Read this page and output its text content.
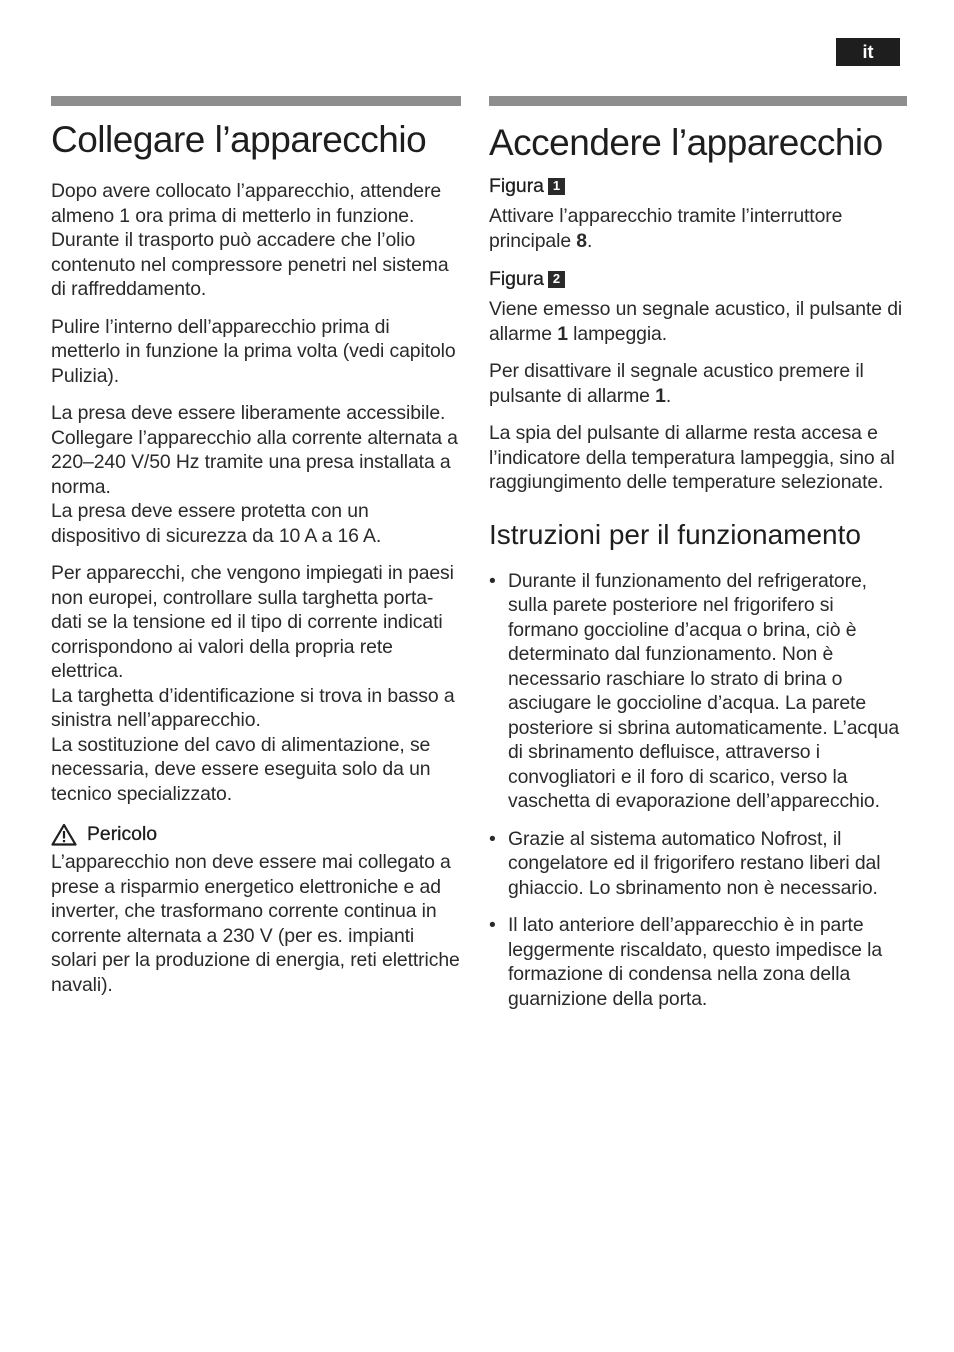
it
Collegare l’apparecchio

Dopo avere collocato l’apparecchio, attendere almeno 1 ora prima di metterlo in funzione. Durante il trasporto può accadere che l’olio contenuto nel compressore penetri nel sistema di raffreddamento.

Pulire l’interno dell’apparecchio prima di metterlo in funzione la prima volta (vedi capitolo Pulizia).

La presa deve essere liberamente accessibile. Collegare l’apparecchio alla corrente alternata a 220–240 V/50 Hz tramite una presa installata a norma.

La presa deve essere protetta con un dispositivo di sicurezza da 10 A a 16 A.

Per apparecchi, che vengono impiegati in paesi non europei, controllare sulla targhetta porta-dati se la tensione ed il tipo di corrente indicati corrispondono ai valori della propria rete elettrica.

La targhetta d’identificazione si trova in basso a sinistra nell’apparecchio.

La sostituzione del cavo di alimentazione, se necessaria, deve essere eseguita solo da un tecnico specializzato.

Pericolo

L’apparecchio non deve essere mai collegato a prese a risparmio energetico elettroniche e ad inverter, che trasformano corrente continua in corrente alternata a 230 V (per es. impianti solari per la produzione di energia, reti elettriche navali).

Accendere l’apparecchio
Figura 1

Attivare l’apparecchio tramite l’interruttore principale 8.

Figura 2

Viene emesso un segnale acustico, il pulsante di allarme 1 lampeggia.

Per disattivare il segnale acustico premere il pulsante di allarme 1.

La spia del pulsante di allarme resta accesa e l’indicatore della temperatura lampeggia, sino al raggiungimento delle temperature selezionate.

Istruzioni per il funzionamento
• Durante il funzionamento del refrigeratore, sulla parete posteriore nel frigorifero si formano goccioline d’acqua o brina, ciò è determinato dal funzionamento. Non è necessario raschiare lo strato di brina o asciugare le goccioline d’acqua. La parete posteriore si sbrina automaticamente. L’acqua di sbrinamento defluisce, attraverso i convogliatori e il foro di scarico, verso la vaschetta di evaporazione dell’apparecchio.
• Grazie al sistema automatico Nofrost, il congelatore ed il frigorifero restano liberi dal ghiaccio. Lo sbrinamento non è necessario.
• Il lato anteriore dell’apparecchio è in parte leggermente riscaldato, questo impedisce la formazione di condensa nella zona della guarnizione della porta.
